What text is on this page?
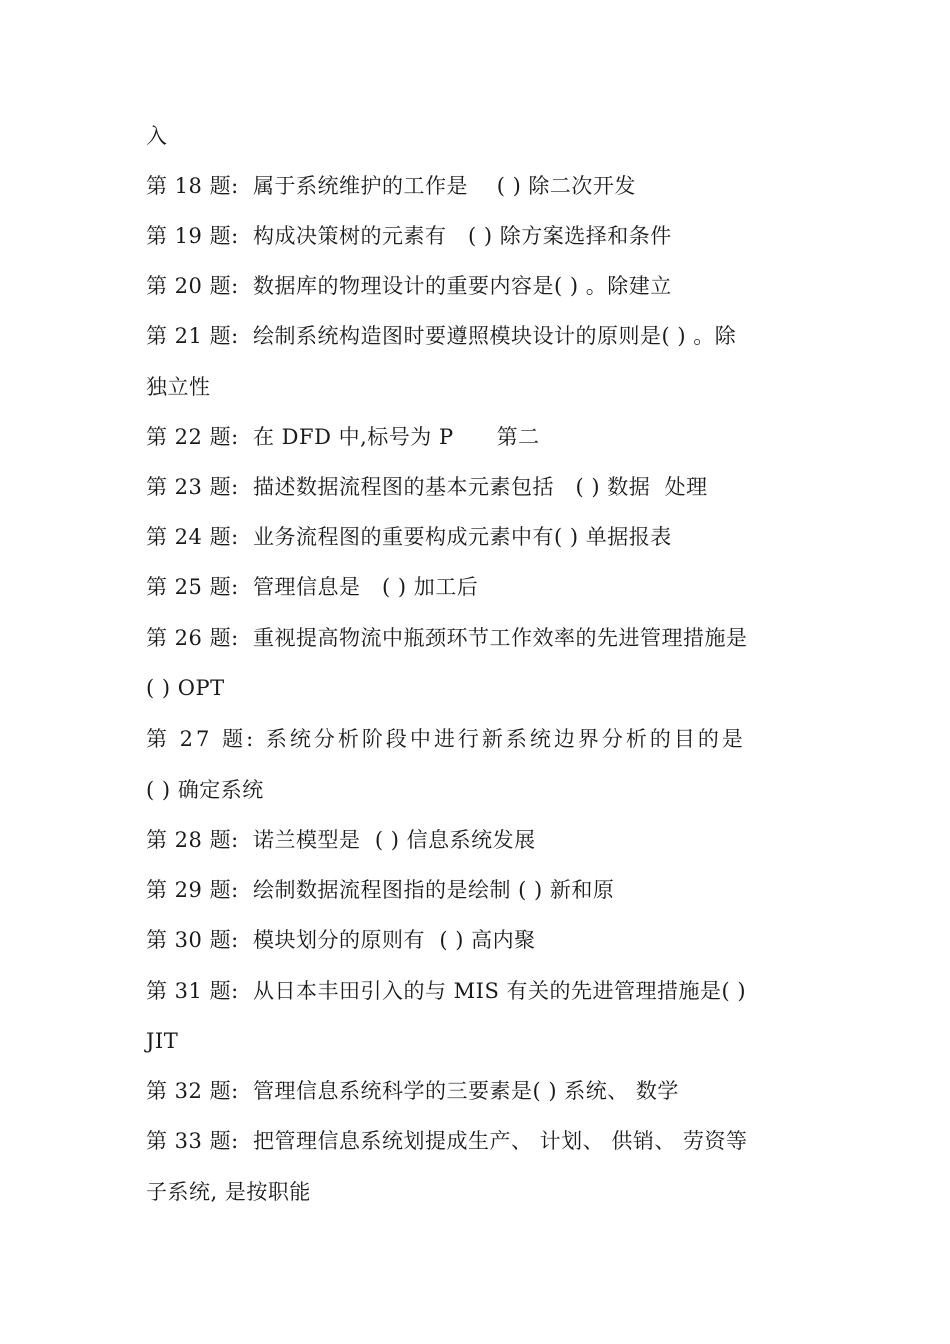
入
第 18 题:  属于系统维护的工作是    ( ) 除二次开发
第 19 题:  构成决策树的元素有   ( ) 除方案选择和条件
第 20 题:  数据库的物理设计的重要内容是( ) 。除建立
第 21 题:  绘制系统构造图时要遵照模块设计的原则是( ) 。除
独立性
第 22 题:  在 DFD 中,标号为 P      第二
第 23 题:  描述数据流程图的基本元素包括   ( ) 数据  处理
第 24 题:  业务流程图的重要构成元素中有( ) 单据报表
第 25 题:  管理信息是   ( ) 加工后
第 26 题:  重视提高物流中瓶颈环节工作效率的先进管理措施是
( ) OPT
第 27 题: 系统分析阶段中进行新系统边界分析的目的是
( ) 确定系统
第 28 题:  诺兰模型是  ( ) 信息系统发展
第 29 题:  绘制数据流程图指的是绘制 ( ) 新和原
第 30 题:  模块划分的原则有  ( ) 高内聚
第 31 题:  从日本丰田引入的与 MIS 有关的先进管理措施是( )
JIT
第 32 题:  管理信息系统科学的三要素是( ) 系统、 数学
第 33 题:  把管理信息系统划提成生产、 计划、 供销、 劳资等
子系统, 是按职能
